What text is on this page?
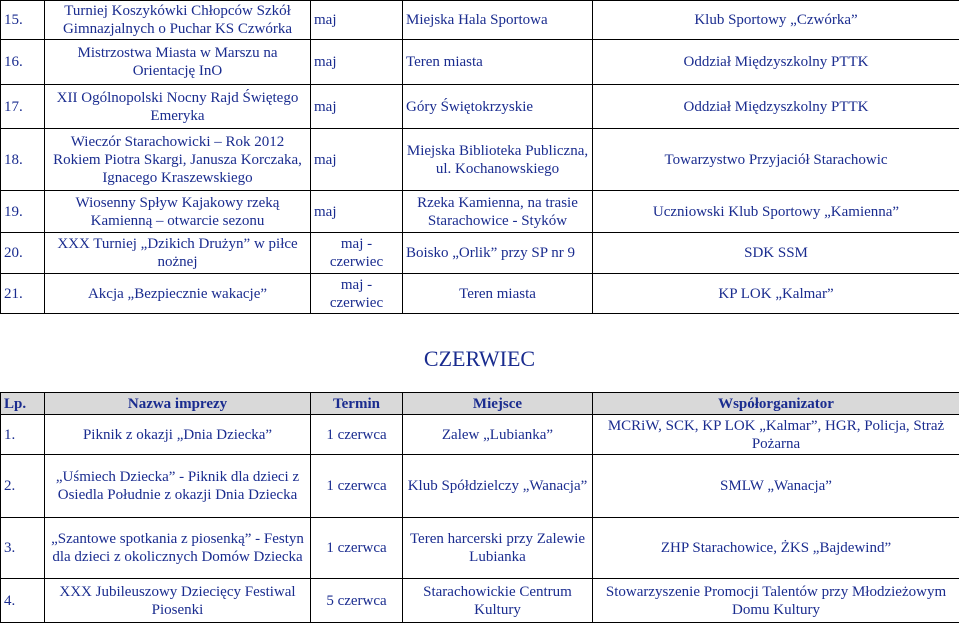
15.	Turniej Koszykówki Chłopców Szkół Gimnazjalnych o Puchar KS Czwórka	maj	Miejska Hala Sportowa	Klub Sportowy „Czwórka”
16.	Mistrzostwa Miasta w Marszu na Orientację InO	maj	Teren miasta	Oddział Międzyszkolny PTTK
17.	XII Ogólnopolski Nocny Rajd Świętego Emeryka	maj	Góry Świętokrzyskie	Oddział Międzyszkolny PTTK
18.	Wieczór Starachowicki – Rok 2012 Rokiem Piotra Skargi, Janusza Korczaka, Ignacego Kraszewskiego	maj	Miejska Biblioteka Publiczna, ul. Kochanowskiego	Towarzystwo Przyjaciół Starachowic
19.	Wiosenny Spływ Kajakowy rzeką Kamienną – otwarcie sezonu	maj	Rzeka Kamienna, na trasie Starachowice - Styków	Uczniowski Klub Sportowy „Kamienna”
20.	XXX Turniej „Dzikich Drużyn” w piłce nożnej	maj - czerwiec	Boisko „Orlik” przy SP nr 9	SDK SSM
21.	Akcja „Bezpiecznie wakacje”	maj - czerwiec	Teren miasta	KP LOK „Kalmar”
CZERWIEC
Lp.	Nazwa imprezy	Termin	Miejsce	Współorganizator
1.	Piknik z okazji „Dnia Dziecka”	1 czerwca	Zalew „Lubianka”	MCRiW, SCK, KP LOK „Kalmar”, HGR, Policja, Straż Pożarna
2.	„Uśmiech Dziecka” - Piknik dla dzieci z Osiedla Południe z okazji Dnia Dziecka	1 czerwca	Klub Spółdzielczy „Wanacja”	SMLW „Wanacja”
3.	„Szantowe spotkania z piosenką” - Festyn dla dzieci z okolicznych Domów Dziecka	1 czerwca	Teren harcerski przy Zalewie Lubianka	ZHP Starachowice, ŻKS „Bajdewind”
4.	XXX Jubileuszowy Dziecięcy Festiwal Piosenki	5 czerwca	Starachowickie Centrum Kultury	Stowarzyszenie Promocji Talentów przy Młodzieżowym Domu Kultury
